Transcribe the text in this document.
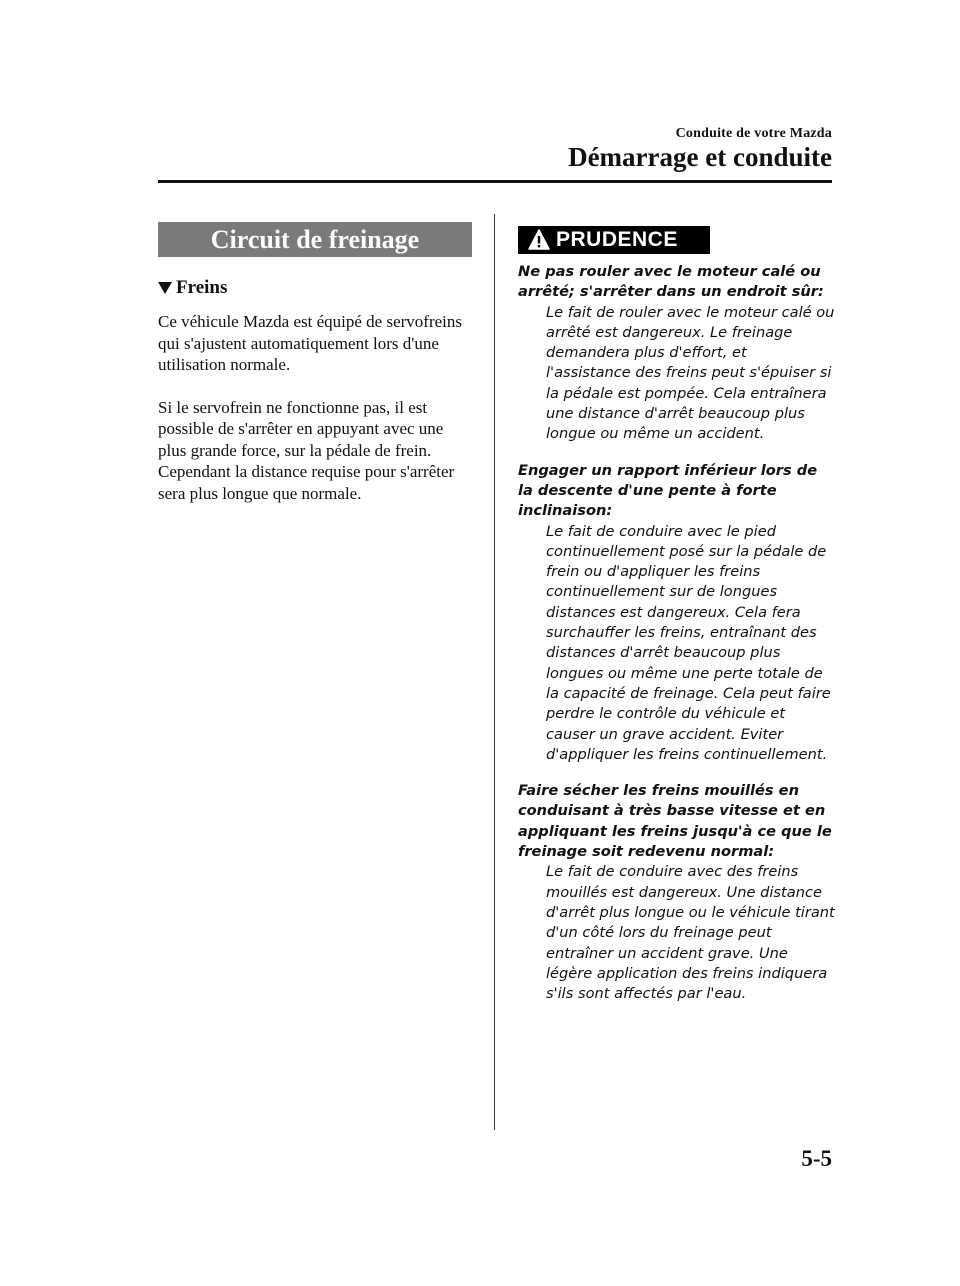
Conduite de votre Mazda
Démarrage et conduite
Circuit de freinage
Freins

Ce véhicule Mazda est équipé de servofreins qui s'ajustent automatiquement lors d'une utilisation normale.

Si le servofrein ne fonctionne pas, il est possible de s'arrêter en appuyant avec une plus grande force, sur la pédale de frein. Cependant la distance requise pour s'arrêter sera plus longue que normale.

PRUDENCE
Ne pas rouler avec le moteur calé ou arrêté; s'arrêter dans un endroit sûr:
Le fait de rouler avec le moteur calé ou arrêté est dangereux. Le freinage demandera plus d'effort, et l'assistance des freins peut s'épuiser si la pédale est pompée. Cela entraînera une distance d'arrêt beaucoup plus longue ou même un accident.
Engager un rapport inférieur lors de la descente d'une pente à forte inclinaison:
Le fait de conduire avec le pied continuellement posé sur la pédale de frein ou d'appliquer les freins continuellement sur de longues distances est dangereux. Cela fera surchauffer les freins, entraînant des distances d'arrêt beaucoup plus longues ou même une perte totale de la capacité de freinage. Cela peut faire perdre le contrôle du véhicule et causer un grave accident. Eviter d'appliquer les freins continuellement.
Faire sécher les freins mouillés en conduisant à très basse vitesse et en appliquant les freins jusqu'à ce que le freinage soit redevenu normal:
Le fait de conduire avec des freins mouillés est dangereux. Une distance d'arrêt plus longue ou le véhicule tirant d'un côté lors du freinage peut entraîner un accident grave. Une légère application des freins indiquera s'ils sont affectés par l'eau.
5-5
